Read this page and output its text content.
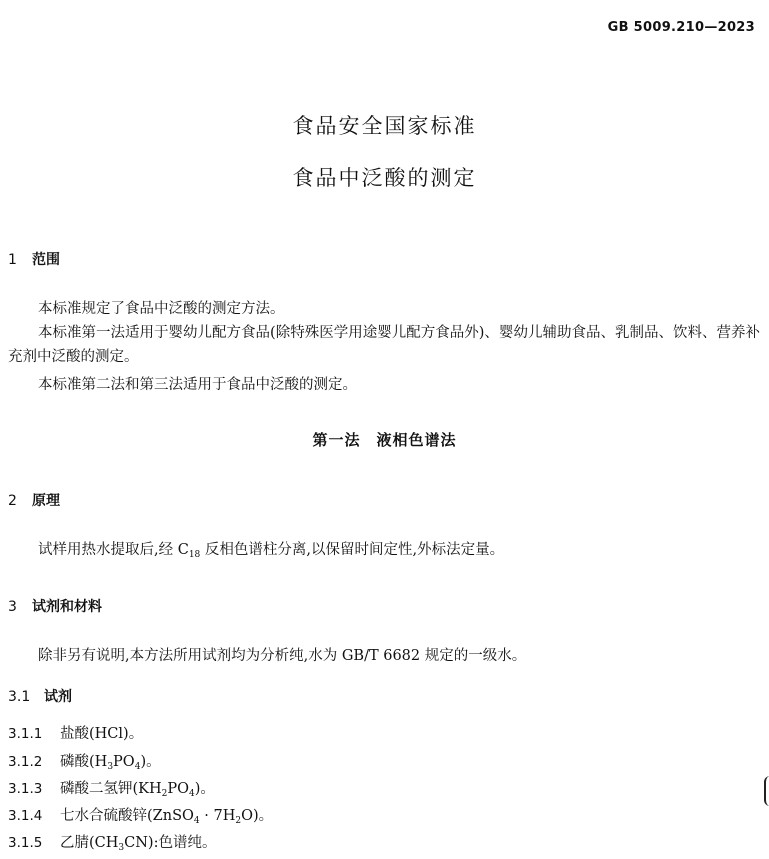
GB 5009.210—2023
食品安全国家标准
食品中泛酸的测定
1 范围
本标准规定了食品中泛酸的测定方法。
本标准第一法适用于婴幼儿配方食品(除特殊医学用途婴儿配方食品外)、婴幼儿辅助食品、乳制品、饮料、营养补充剂中泛酸的测定。
本标准第二法和第三法适用于食品中泛酸的测定。
第一法　液相色谱法
2 原理
试样用热水提取后,经 $C_{18}$ 反相色谱柱分离,以保留时间定性,外标法定量。
3 试剂和材料
除非另有说明,本方法所用试剂均为分析纯,水为 GB/T 6682 规定的一级水。
3.1 试剂
3.1.1 盐酸(HCl)。
3.1.2 磷酸$(H_3PO_4)$。
3.1.3 磷酸二氢钾$(KH_2PO_4)$。
3.1.4 七水合硫酸锌(ZnSO$_4$ · $7H_2O$)。
3.1.5 乙腈$(CH_3CN)$:色谱纯。
